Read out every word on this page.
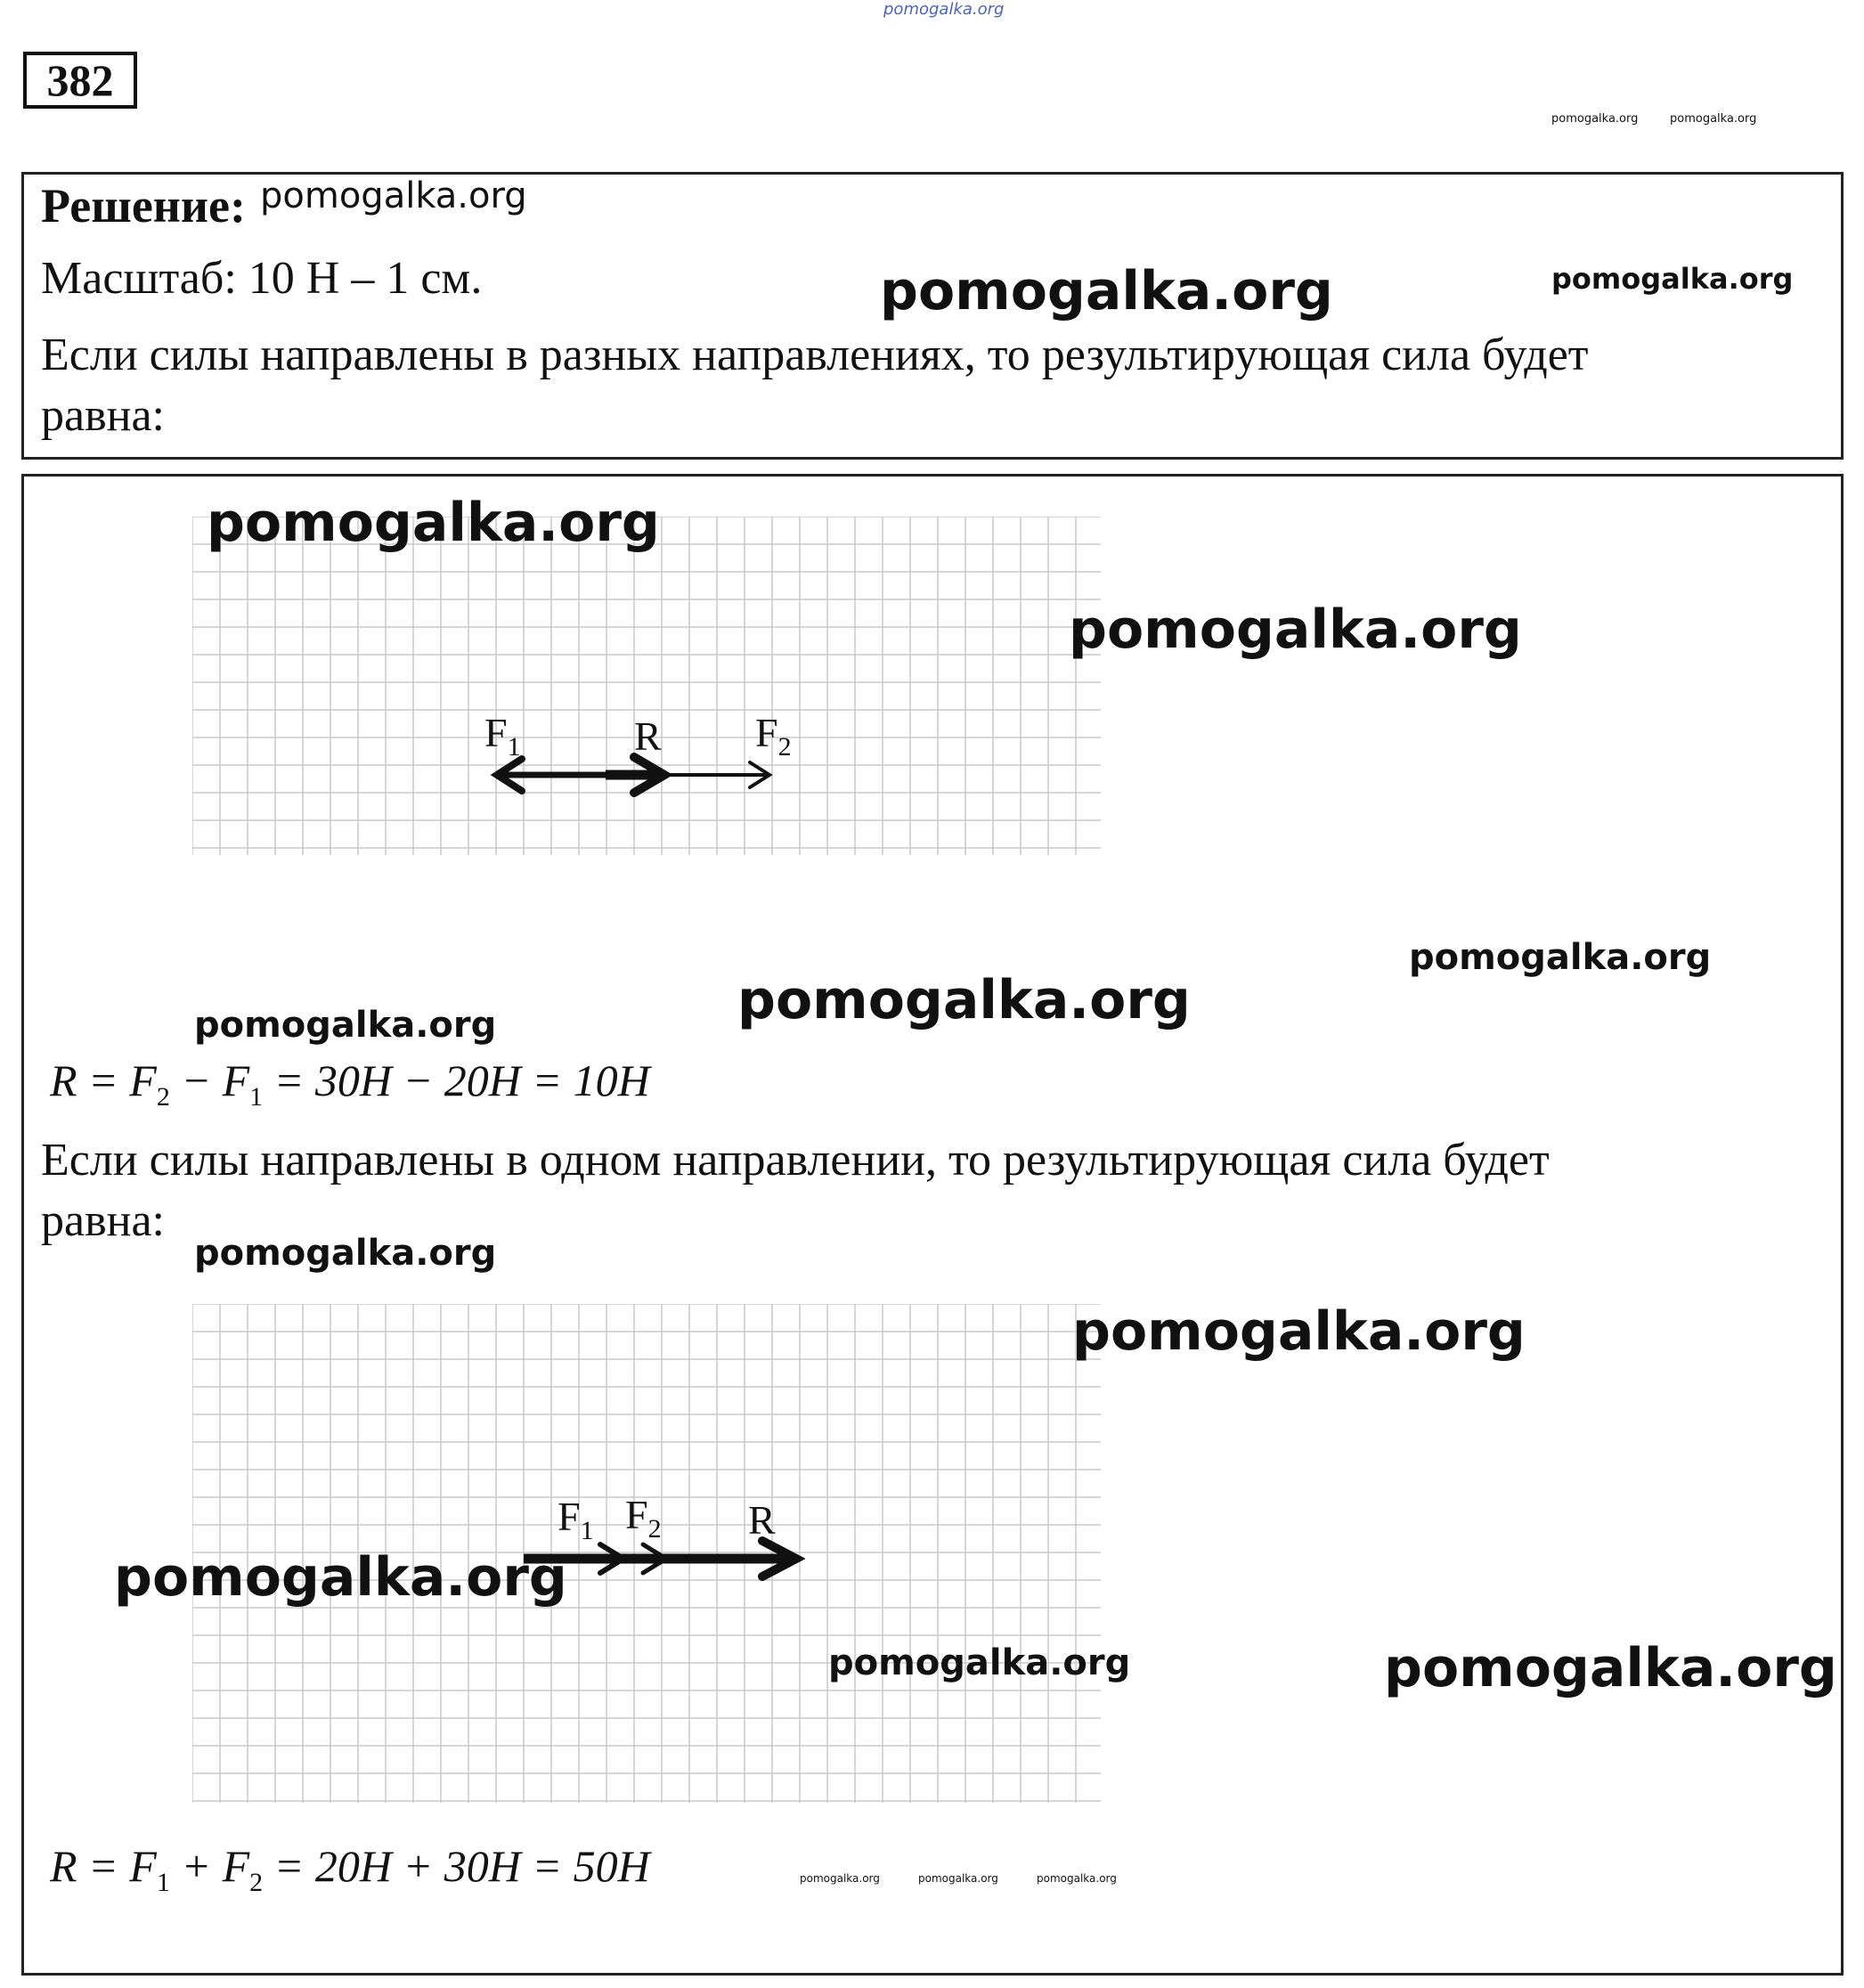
pomogalka.org
382
pomogalka.org	pomogalka.org
Решение: pomogalka.org
Масштаб: 10 Н – 1 см.	pomogalka.org	pomogalka.org
Если силы направлены в разных направлениях, то результирующая сила будет
равна:
pomogalka.org
pomogalka.org
$F_1$	R $F_2$
pomogalka.org
pomogalka.org
pomogalka.org
$R = F_2 - F_1 = 30H - 20H = 10H$
Если силы направлены в одном направлении, то результирующая сила будет
равна:
pomogalka.org
pomogalka.org
$F_1$ $F_2$ R
pomogalka.org
pomogalka.org	pomogalka.org
$R = F_1 + F_2 = 20H + 30H = 50H$	pomogalka.org	pomogalka.org	pomogalka.org
